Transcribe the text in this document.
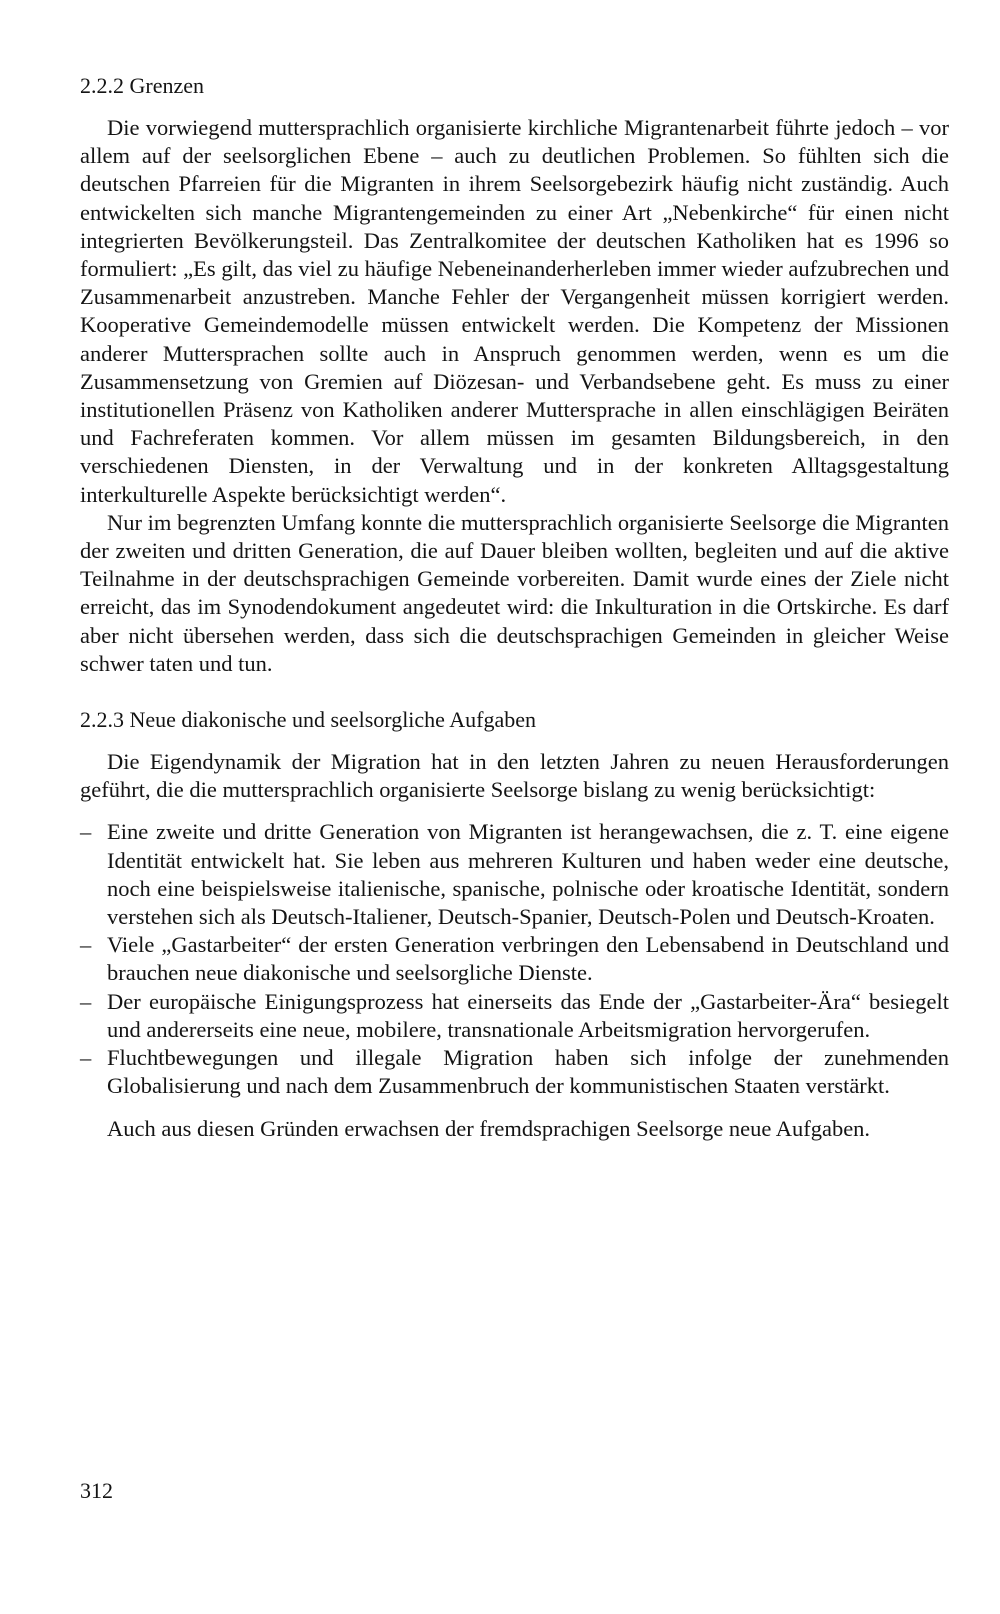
2.2.2 Grenzen

Die vorwiegend muttersprachlich organisierte kirchliche Migrantenarbeit führte jedoch – vor allem auf der seelsorglichen Ebene – auch zu deutlichen Problemen. So fühlten sich die deutschen Pfarreien für die Migranten in ihrem Seelsorgebezirk häufig nicht zuständig. Auch entwickelten sich manche Migrantengemeinden zu einer Art „Nebenkirche“ für einen nicht integrierten Bevölkerungsteil. Das Zentralkomitee der deutschen Katholiken hat es 1996 so formuliert: „Es gilt, das viel zu häufige Nebeneinanderherleben immer wieder aufzubrechen und Zusammenarbeit anzustreben. Manche Fehler der Vergangenheit müssen korrigiert werden. Kooperative Gemeindemodelle müssen entwickelt werden. Die Kompetenz der Missionen anderer Muttersprachen sollte auch in Anspruch genommen werden, wenn es um die Zusammensetzung von Gremien auf Diözesan- und Verbandsebene geht. Es muss zu einer institutionellen Präsenz von Katholiken anderer Muttersprache in allen einschlägigen Beiräten und Fachreferaten kommen. Vor allem müssen im gesamten Bildungsbereich, in den verschiedenen Diensten, in der Verwaltung und in der konkreten Alltagsgestaltung interkulturelle Aspekte berücksichtigt werden“.

Nur im begrenzten Umfang konnte die muttersprachlich organisierte Seelsorge die Migranten der zweiten und dritten Generation, die auf Dauer bleiben wollten, begleiten und auf die aktive Teilnahme in der deutschsprachigen Gemeinde vorbereiten. Damit wurde eines der Ziele nicht erreicht, das im Synodendokument angedeutet wird: die Inkulturation in die Ortskirche. Es darf aber nicht übersehen werden, dass sich die deutschsprachigen Gemeinden in gleicher Weise schwer taten und tun.

2.2.3 Neue diakonische und seelsorgliche Aufgaben

Die Eigendynamik der Migration hat in den letzten Jahren zu neuen Herausforderungen geführt, die die muttersprachlich organisierte Seelsorge bislang zu wenig berücksichtigt:

– Eine zweite und dritte Generation von Migranten ist herangewachsen, die z. T. eine eigene Identität entwickelt hat. Sie leben aus mehreren Kulturen und haben weder eine deutsche, noch eine beispielsweise italienische, spanische, polnische oder kroatische Identität, sondern verstehen sich als Deutsch-Italiener, Deutsch-Spanier, Deutsch-Polen und Deutsch-Kroaten.
– Viele „Gastarbeiter“ der ersten Generation verbringen den Lebensabend in Deutschland und brauchen neue diakonische und seelsorgliche Dienste.
– Der europäische Einigungsprozess hat einerseits das Ende der „Gastarbeiter-Ära“ besiegelt und andererseits eine neue, mobilere, transnationale Arbeitsmigration hervorgerufen.
– Fluchtbewegungen und illegale Migration haben sich infolge der zunehmenden Globalisierung und nach dem Zusammenbruch der kommunistischen Staaten verstärkt.

Auch aus diesen Gründen erwachsen der fremdsprachigen Seelsorge neue Aufgaben.

312
